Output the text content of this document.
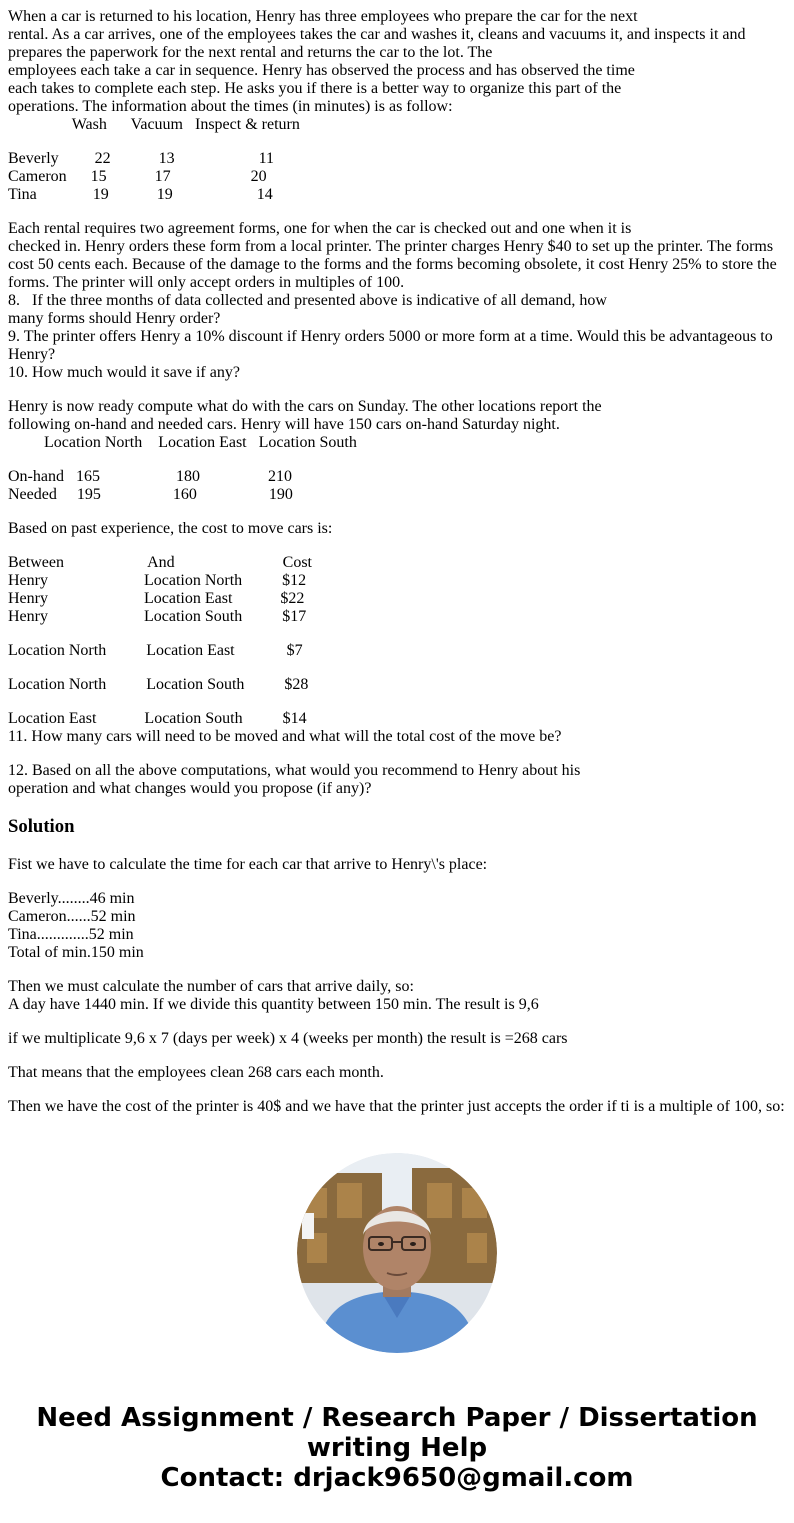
When a car is returned to his location, Henry has three employees who prepare the car for the next
rental. As a car arrives, one of the employees takes the car and washes it, cleans and vacuums it, and inspects it and
prepares the paperwork for the next rental and returns the car to the lot. The
employees each take a car in sequence. Henry has observed the process and has observed the time
each takes to complete each step. He asks you if there is a better way to organize this part of the
operations. The information about the times (in minutes) is as follow:
Wash      Vacuum   Inspect & return
Beverly         22            13                     11
Cameron      15            17                    20
Tina              19            19                     14
Each rental requires two agreement forms, one for when the car is checked out and one when it is
checked in. Henry orders these form from a local printer. The printer charges Henry $40 to set up the printer. The forms cost 50 cents each. Because of the damage to the forms and the forms becoming obsolete, it cost Henry 25% to store the forms. The printer will only accept orders in multiples of 100.
8.   If the three months of data collected and presented above is indicative of all demand, how
many forms should Henry order?
9. The printer offers Henry a 10% discount if Henry orders 5000 or more form at a time. Would this be advantageous to Henry?
10. How much would it save if any?
Henry is now ready compute what do with the cars on Sunday. The other locations report the
following on-hand and needed cars. Henry will have 150 cars on-hand Saturday night.
Location North    Location East   Location South
On-hand   165                   180                 210
Needed     195                  160                  190
Based on past experience, the cost to move cars is:
Between                     And                           Cost
Henry                        Location North          $12
Henry                        Location East            $22
Henry                        Location South          $17
Location North          Location East             $7
Location North          Location South          $28
Location East            Location South          $14
11. How many cars will need to be moved and what will the total cost of the move be?
12. Based on all the above computations, what would you recommend to Henry about his
operation and what changes would you propose (if any)?
Solution

Fist we have to calculate the time for each car that arrive to Henry\'s place:

Beverly........46 min
Cameron......52 min
Tina.............52 min
Total of min.150 min

Then we must calculate the number of cars that arrive daily, so:
A day have 1440 min. If we divide this quantity between 150 min. The result is 9,6

if we multiplicate 9,6 x 7 (days per week) x 4 (weeks per month) the result is =268 cars

That means that the employees clean 268 cars each month.

Then we have the cost of the printer is 40$ and we have that the printer just accepts the order if ti is a multiple of 100, so:

Need Assignment / Research Paper / Dissertation
writing Help
Contact: drjack9650@gmail.com
